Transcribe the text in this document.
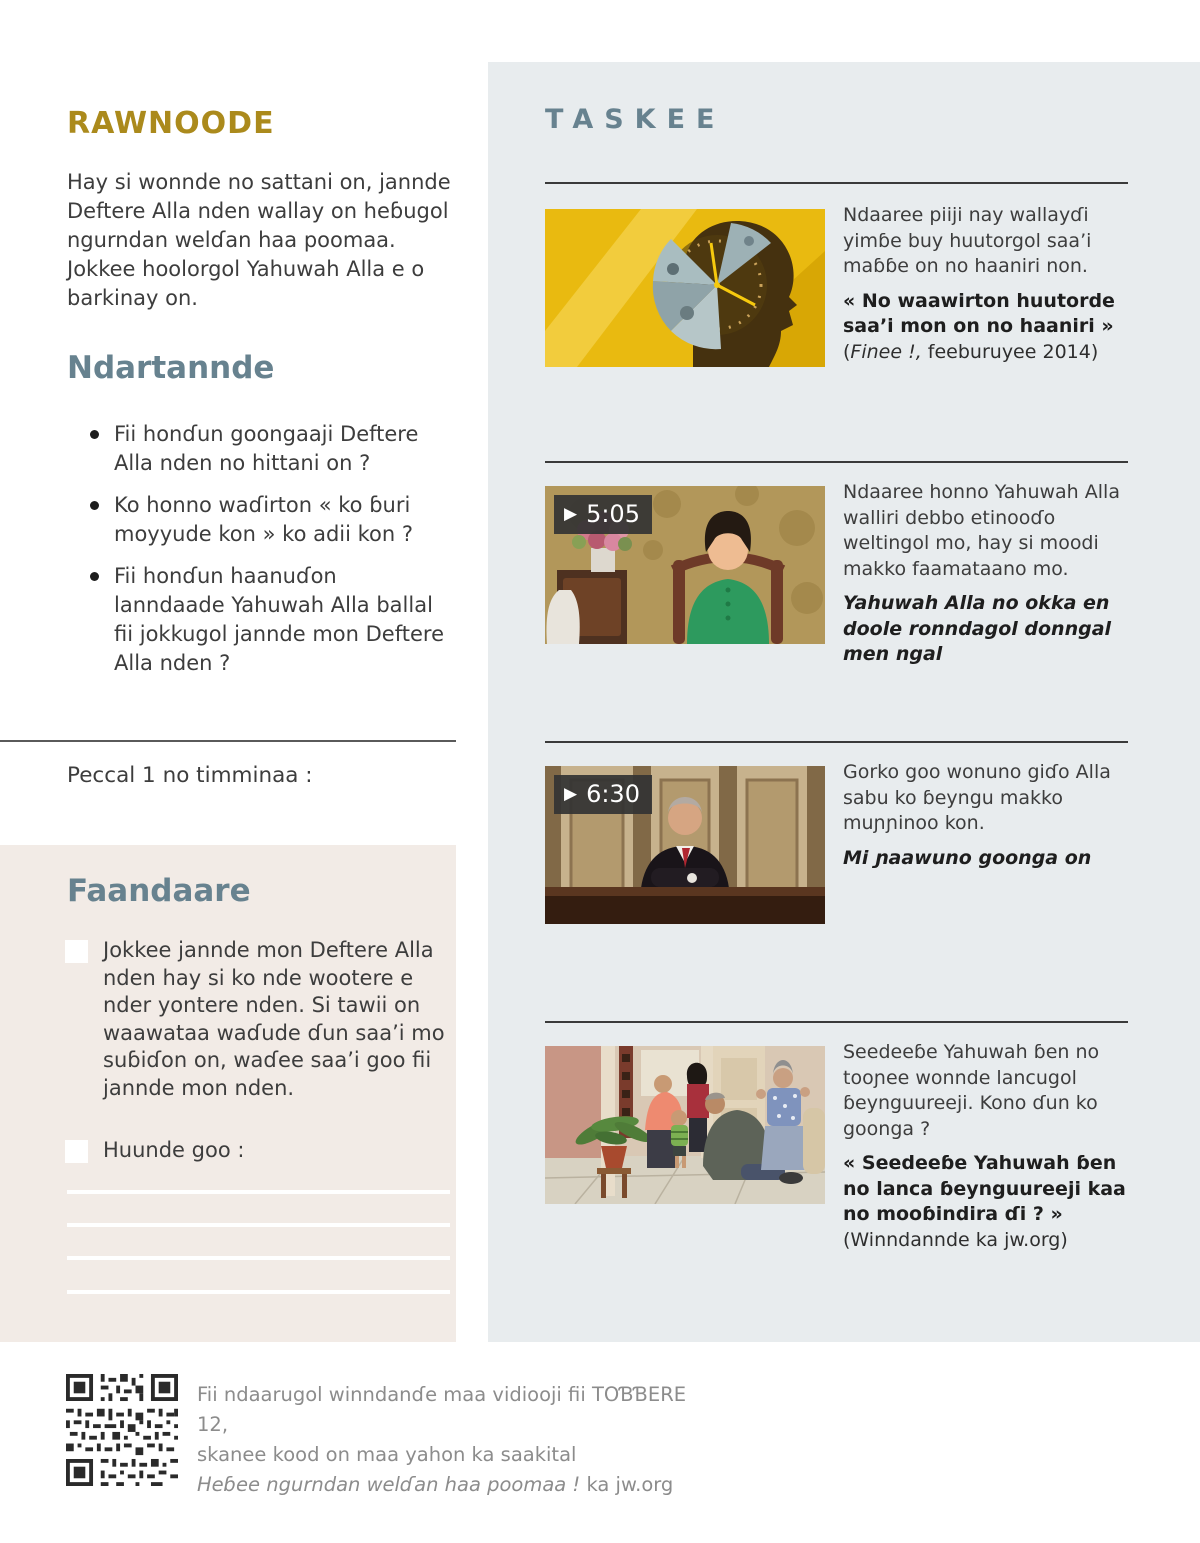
RAWNOODE

Hay si wonnde no sattani on, jannde Deftere Alla nden wallay on heɓugol ngurndan welɗan haa poomaa. Jokkee hoolorgol Yahuwah Alla e o barkinay on.

Ndartannde
Fii honɗun goongaaji Deftere Alla nden no hittani on ?
Ko honno waɗirton « ko ɓuri moyyude kon » ko adii kon ?
Fii honɗun haanuɗon lanndaade Yahuwah Alla ballal fii jokkugol jannde mon Deftere Alla nden ?
Peccal 1 no timminaa :
Faandaare
Jokkee jannde mon Deftere Alla nden hay si ko nde wootere e nder yontere nden. Si tawii on waawataa waɗude ɗun saa’i mo suɓiɗon on, waɗee saa’i goo fii jannde mon nden.
Huunde goo :
TASKEE
▶ 5:05
▶ 6:30

Ndaaree piiji nay wallayɗi yimɓe buy huutorgol saa’i maɓɓe on no haaniri non.

« No waawirton huutorde saa’i mon on no haaniri »

(Finee !, feeburuyee 2014)

Ndaaree honno Yahuwah Alla walliri debbo etinooɗo weltingol mo, hay si moodi makko faamataano mo.

Yahuwah Alla no okka en doole ronndagol donngal men ngal

Gorko goo wonuno giɗo Alla sabu ko ɓeyngu makko muɲɲinoo kon.

Mi ɲaawuno goonga on

Seedeeɓe Yahuwah ɓen no tooɲee wonnde lancugol ɓeynguureeji. Kono ɗun ko goonga ?

« Seedeeɓe Yahuwah ɓen no lanca ɓeynguureeji kaa no mooɓindira ɗi ? »

(Winndannde ka jw.org)

Fii ndaarugol winndanɗe maa vidiooji fii TOƁƁERE 12,
skanee kood on maa yahon ka saakital
Heɓee ngurndan welɗan haa poomaa ! ka jw.org
